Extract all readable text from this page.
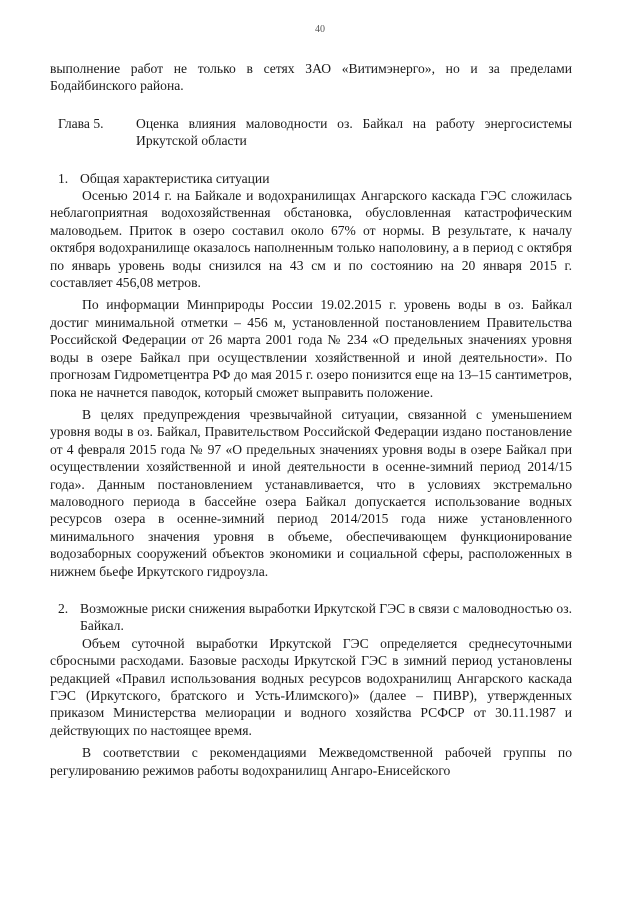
40

выполнение работ не только в сетях ЗАО «Витимэнерго», но и за пределами Бодайбинского района.

Глава 5.	Оценка влияния маловодности оз. Байкал на работу энергосистемы Иркутской области
1. Общая характеристика ситуации

Осенью 2014 г. на Байкале и водохранилищах Ангарского каскада ГЭС сложилась неблагоприятная водохозяйственная обстановка, обусловленная катастрофическим маловодьем. Приток в озеро составил около 67% от нормы. В результате, к началу октября водохранилище оказалось наполненным только наполовину, а в период с октября по январь уровень воды снизился на 43 см и по состоянию на 20 января 2015 г. составляет 456,08 метров.

По информации Минприроды России 19.02.2015 г. уровень воды в оз. Байкал достиг минимальной отметки – 456 м, установленной постановлением Правительства Российской Федерации от 26 марта 2001 года № 234 «О предельных значениях уровня воды в озере Байкал при осуществлении хозяйственной и иной деятельности». По прогнозам Гидрометцентра РФ до мая 2015 г. озеро понизится еще на 13–15 сантиметров, пока не начнется паводок, который сможет выправить положение.

В целях предупреждения чрезвычайной ситуации, связанной с уменьшением уровня воды в оз. Байкал, Правительством Российской Федерации издано постановление от 4 февраля 2015 года № 97 «О предельных значениях уровня воды в озере Байкал при осуществлении хозяйственной и иной деятельности в осенне-зимний период 2014/15 года». Данным постановлением устанавливается, что в условиях экстремально маловодного периода в бассейне озера Байкал допускается использование водных ресурсов озера в осенне-зимний период 2014/2015 года ниже установленного минимального значения уровня в объеме, обеспечивающем функционирование водозаборных сооружений объектов экономики и социальной сферы, расположенных в нижнем бьефе Иркутского гидроузла.

2. Возможные риски снижения выработки Иркутской ГЭС в связи с маловодностью оз. Байкал.

Объем суточной выработки Иркутской ГЭС определяется среднесуточными сбросными расходами. Базовые расходы Иркутской ГЭС в зимний период установлены редакцией «Правил использования водных ресурсов водохранилищ Ангарского каскада ГЭС (Иркутского, братского и Усть-Илимского)» (далее – ПИВР), утвержденных приказом Министерства мелиорации и водного хозяйства РСФСР от 30.11.1987 и действующих по настоящее время.

В соответствии с рекомендациями Межведомственной рабочей группы по регулированию режимов работы водохранилищ Ангаро-Енисейского
